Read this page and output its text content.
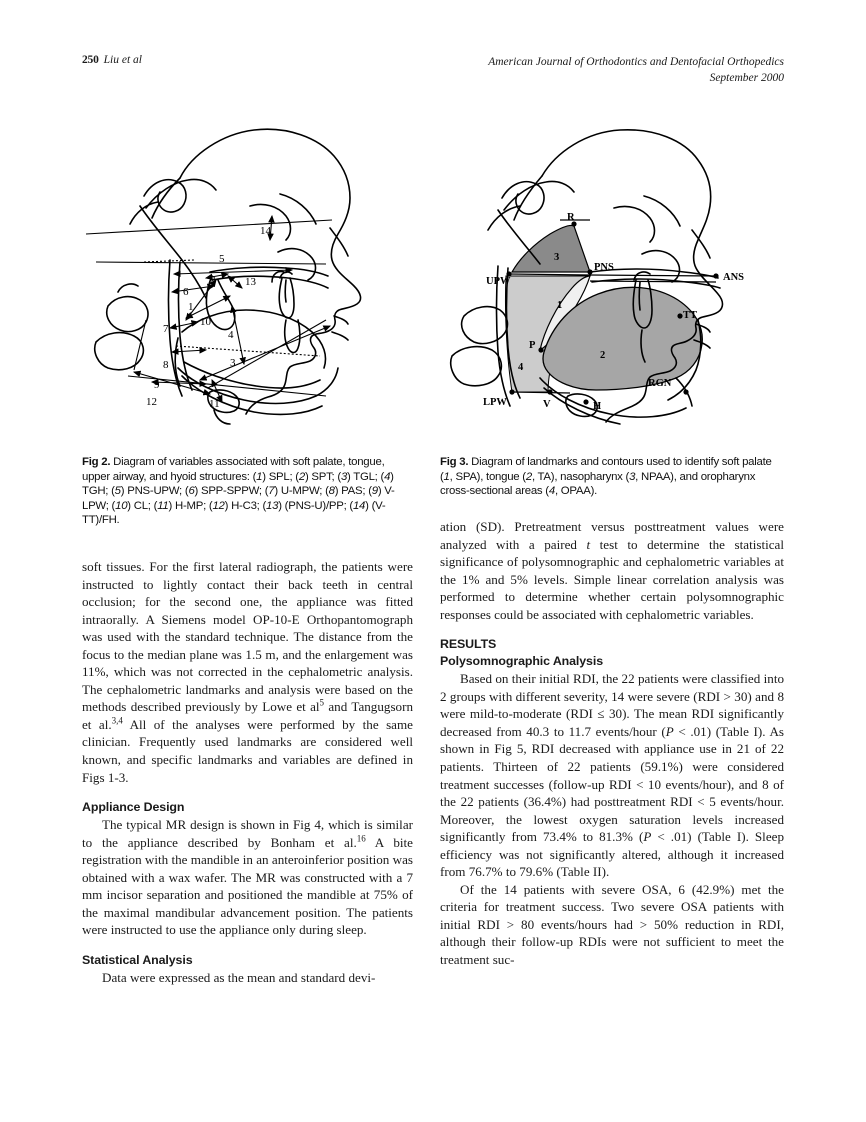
250 Liu et al	American Journal of Orthodontics and Dentofacial Orthopedics
September 2000
5
6
2	13
1
10
4
7
8
9
12	11
3
14
R
PNS
ANS
UPW
P
TT
RGN
LPW	V	H
3
1
2
4
Fig 2. Diagram of variables associated with soft palate, tongue, upper airway, and hyoid structures: (1) SPL; (2) SPT; (3) TGL; (4) TGH; (5) PNS-UPW; (6) SPP-SPPW; (7) U-MPW; (8) PAS; (9) V-LPW; (10) CL; (11) H-MP; (12) H-C3; (13) (PNS-U)/PP; (14) (V-TT)/FH.
Fig 3. Diagram of landmarks and contours used to identify soft palate (1, SPA), tongue (2, TA), nasopharynx (3, NPAA), and oropharynx cross-sectional areas (4, OPAA).

soft tissues. For the first lateral radiograph, the patients were instructed to lightly contact their back teeth in central occlusion; for the second one, the appliance was fitted intraorally. A Siemens model OP-10-E Orthopantomograph was used with the standard technique. The distance from the focus to the median plane was 1.5 m, and the enlargement was 11%, which was not corrected in the cephalometric analysis. The cephalometric landmarks and analysis were based on the methods described previously by Lowe et $al^5$ and Tangugsorn et al.$^{3,4}$ All of the analyses were performed by the same clinician. Frequently used landmarks are considered well known, and specific landmarks and variables are defined in Figs 1-3.

Appliance Design

The typical MR design is shown in Fig 4, which is similar to the appliance described by Bonham et al.$^{16}$ A bite registration with the mandible in an anteroinferior position was obtained with a wax wafer. The MR was constructed with a 7 mm incisor separation and positioned the mandible at 75% of the maximal mandibular advancement position. The patients were instructed to use the appliance only during sleep.

Statistical Analysis

Data were expressed as the mean and standard devi-

ation (SD). Pretreatment versus posttreatment values were analyzed with a paired t test to determine the statistical significance of polysomnographic and cephalometric variables at the 1% and 5% levels. Simple linear correlation analysis was performed to determine whether certain polysomnographic responses could be associated with cephalometric variables.

RESULTS
Polysomnographic Analysis

Based on their initial RDI, the 22 patients were classified into 2 groups with different severity, 14 were severe (RDI > 30) and 8 were mild-to-moderate (RDI ≤ 30). The mean RDI significantly decreased from 40.3 to 11.7 events/hour (P < .01) (Table I). As shown in Fig 5, RDI decreased with appliance use in 21 of 22 patients. Thirteen of 22 patients (59.1%) were considered treatment successes (follow-up RDI < 10 events/hour), and 8 of the 22 patients (36.4%) had posttreatment RDI < 5 events/hour. Moreover, the lowest oxygen saturation levels increased significantly from 73.4% to 81.3% (P < .01) (Table I). Sleep efficiency was not significantly altered, although it increased from 76.7% to 79.6% (Table II).

Of the 14 patients with severe OSA, 6 (42.9%) met the criteria for treatment success. Two severe OSA patients with initial RDI > 80 events/hours had > 50% reduction in RDI, although their follow-up RDIs were not sufficient to meet the treatment suc-
